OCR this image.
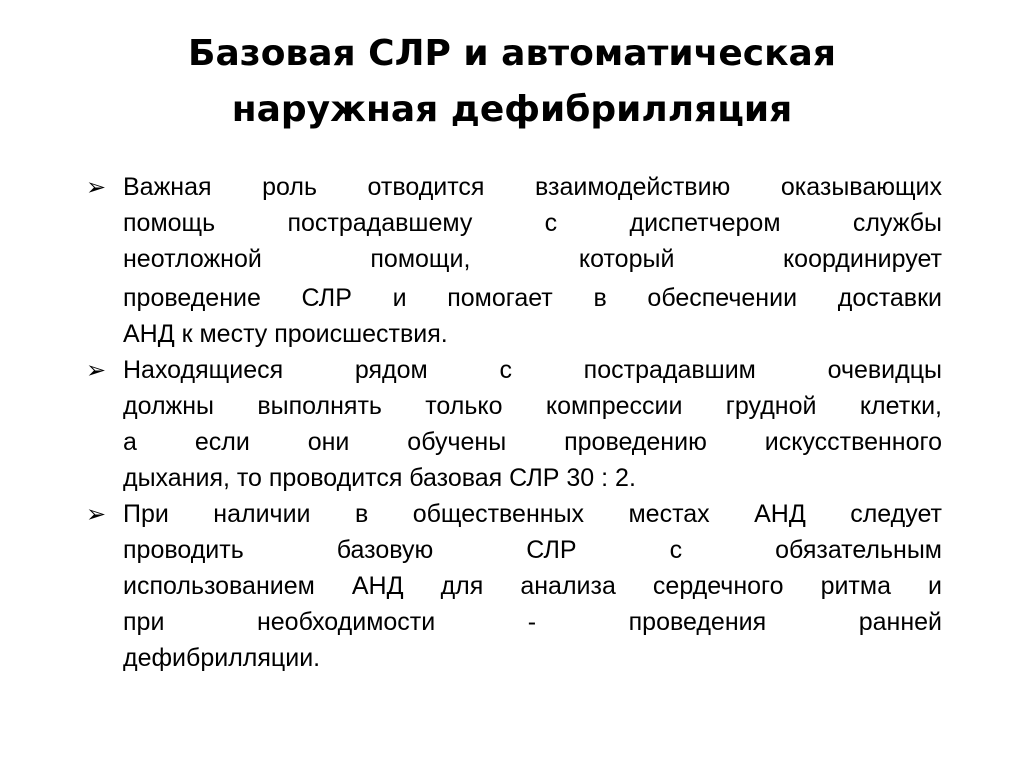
Базовая СЛР и автоматическая
наружная дефибрилляция
➢ Важная роль отводится взаимодействию оказывающих
помощь пострадавшему с диспетчером службы
неотложной помощи, который координирует
проведение СЛР и помогает в обеспечении доставки
АНД к месту происшествия.
➢ Находящиеся рядом с пострадавшим очевидцы
должны выполнять только компрессии грудной клетки,
а если они обучены проведению искусственного
дыхания, то проводится базовая СЛР 30 : 2.
➢ При наличии в общественных местах АНД следует
проводить базовую СЛР с обязательным
использованием АНД для анализа сердечного ритма и
при необходимости - проведения ранней
дефибрилляции.
